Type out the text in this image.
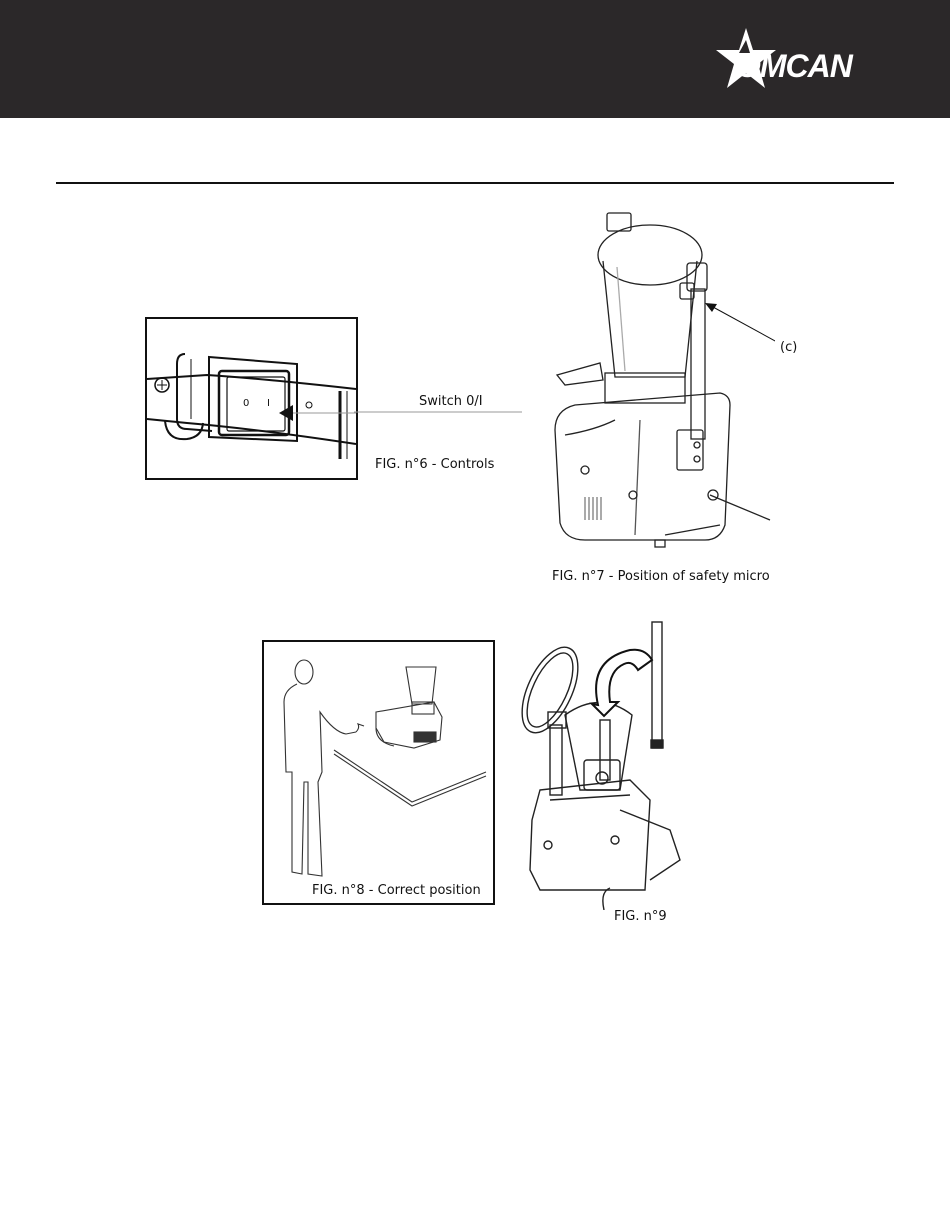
OMCAN
0 I	Switch 0/I
FIG. n°6 - Controls
(c)
FIG. n°7 - Position of safety micro
FIG. n°8 - Correct position
FIG. n°9
